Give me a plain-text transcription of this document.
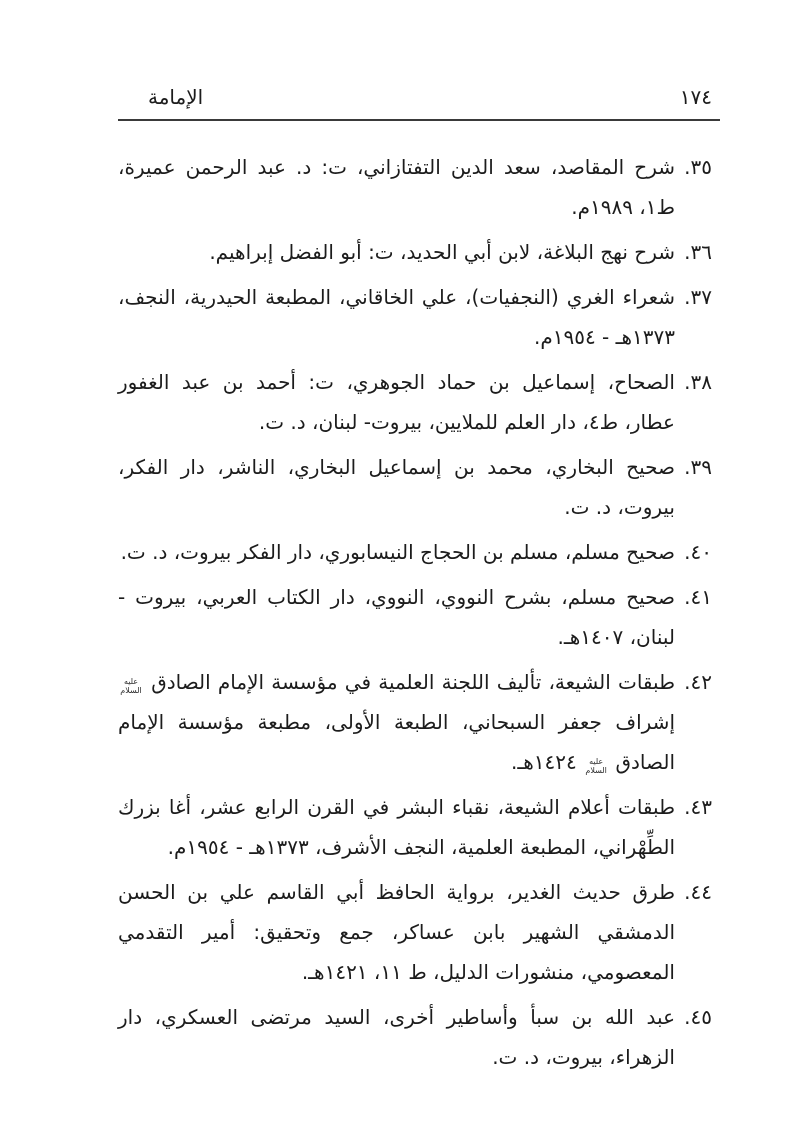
١٧٤
الإمامة
٣٥.
شرح المقاصد، سعد الدين التفتازاني، ت: د. عبد الرحمن عميرة، ط١، ١٩٨٩م.
٣٦.
شرح نهج البلاغة، لابن أبي الحديد، ت: أبو الفضل إبراهيم.
٣٧.
شعراء الغري (النجفيات)، علي الخاقاني، المطبعة الحيدرية، النجف، ١٣٧٣هـ - ١٩٥٤م.
٣٨.
الصحاح، إسماعيل بن حماد الجوهري، ت: أحمد بن عبد الغفور عطار، ط٤، دار العلم للملايين، بيروت- لبنان، د. ت.
٣٩.
صحيح البخاري، محمد بن إسماعيل البخاري، الناشر، دار الفكر، بيروت، د. ت.
٤٠.
صحيح مسلم، مسلم بن الحجاج النيسابوري، دار الفكر بيروت، د. ت.
٤١.
صحيح مسلم، بشرح النووي، النووي، دار الكتاب العربي، بيروت - لبنان، ١٤٠٧هـ.
٤٢.
طبقات الشيعة، تأليف اللجنة العلمية في مؤسسة الإمام الصادق
عليه
السلام
إشراف جعفر السبحاني، الطبعة الأولى، مطبعة مؤسسة الإمام الصادق
عليه
السلام
١٤٢٤هـ.
٤٣.
طبقات أعلام الشيعة، نقباء البشر في القرن الرابع عشر، أغا بزرك الطِّهْراني، المطبعة العلمية، النجف الأشرف، ١٣٧٣هـ - ١٩٥٤م.
٤٤.
طرق حديث الغدير، برواية الحافظ أبي القاسم علي بن الحسن الدمشقي الشهير بابن عساكر، جمع وتحقيق: أمير التقدمي المعصومي، منشورات الدليل، ط ١١، ١٤٢١هـ.
٤٥.
عبد الله بن سبأ وأساطير أخرى، السيد مرتضى العسكري، دار الزهراء، بيروت، د. ت.
